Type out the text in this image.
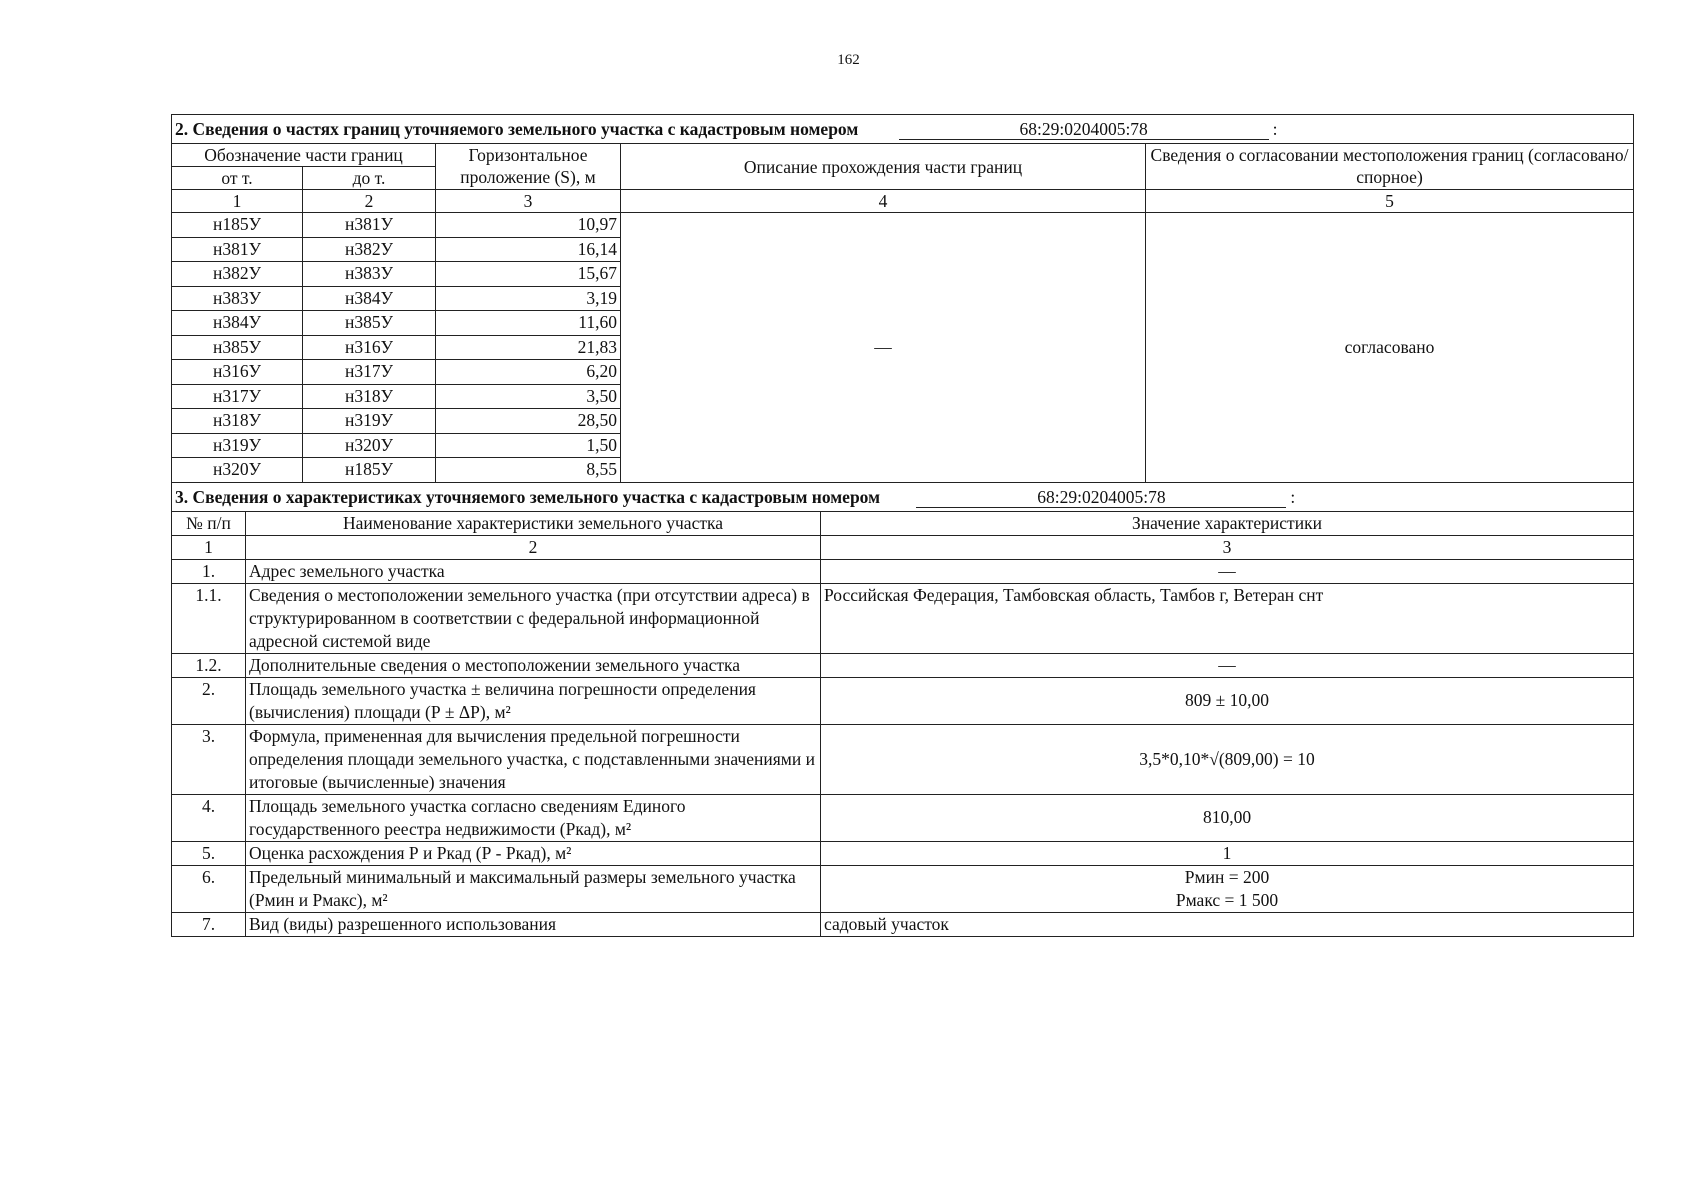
162
2. Сведения о частях границ уточняемого земельного участка с кадастровым номером 68:29:0204005:78 :						
Обозначение части границ			Горизонтальное проложение (S), м	Описание прохождения части границ		Сведения о согласовании местоположения границ (согласовано/спорное)
от т.		до т.				
1		2	3	4		5
н185У		н381У	10,97	—		согласовано
н381У		н382У	16,14			
н382У		н383У	15,67			
н383У		н384У	3,19			
н384У		н385У	11,60			
н385У		н316У	21,83			
н316У		н317У	6,20			
н317У		н318У	3,50			
н318У		н319У	28,50			
н319У		н320У	1,50			
н320У		н185У	8,55			
3. Сведения о характеристиках уточняемого земельного участка с кадастровым номером 68:29:0204005:78 :						
№ п/п	Наименование характеристики земельного участка				Значение характеристики	
1	2				3	
1.	Адрес земельного участка				—	
1.1.	Сведения о местоположении земельного участка (при отсутствии адреса) в структурированном в соответствии с федеральной информационной адресной системой виде				Российская Федерация, Тамбовская область, Тамбов г, Ветеран снт	
1.2.	Дополнительные сведения о местоположении земельного участка				—	
2.	Площадь земельного участка ± величина погрешности определения (вычисления) площади (Р ± ΔР), м²				809 ± 10,00	
3.	Формула, примененная для вычисления предельной погрешности определения площади земельного участка, с подставленными значениями и итоговые (вычисленные) значения				3,5*0,10*√(809,00) = 10	
4.	Площадь земельного участка согласно сведениям Единого государственного реестра недвижимости (Ркад), м²				810,00	
5.	Оценка расхождения Р и Ркад (Р - Ркад), м²				1	
6.	Предельный минимальный и максимальный размеры земельного участка (Рмин и Рмакс), м²				Рмин = 200
Рмакс = 1 500	

7.	Вид (виды) разрешенного использования				садовый участок	
